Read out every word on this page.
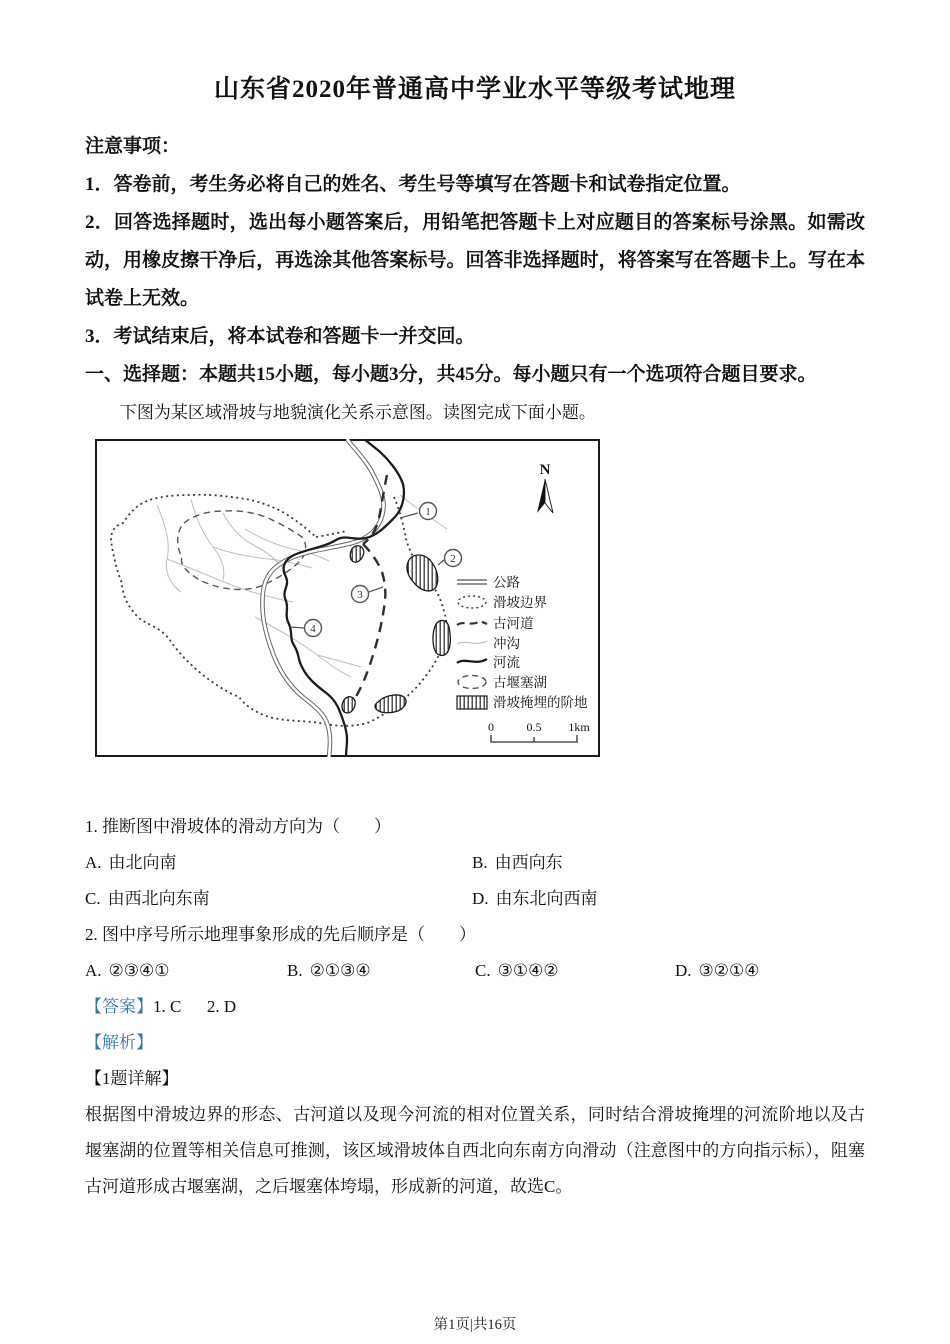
山东省2020年普通高中学业水平等级考试地理

注意事项：

1．答卷前，考生务必将自己的姓名、考生号等填写在答题卡和试卷指定位置。

2．回答选择题时，选出每小题答案后，用铅笔把答题卡上对应题目的答案标号涂黑。如需改动，用橡皮擦干净后，再选涂其他答案标号。回答非选择题时，将答案写在答题卡上。写在本试卷上无效。

3．考试结束后，将本试卷和答题卡一并交回。

一、选择题：本题共15小题，每小题3分，共45分。每小题只有一个选项符合题目要求。

下图为某区域滑坡与地貌演化关系示意图。读图完成下面小题。

1
2
3
4
N
公路
滑坡边界
古河道
冲沟
河流
古堰塞湖
滑坡掩埋的阶地
0	0.5 1km

1. 推断图中滑坡体的滑动方向为（　　）

A. 由北向南	B. 由西向东
C. 由西北向东南	D. 由东北向西南

2. 图中序号所示地理事象形成的先后顺序是（　　）

A. ②③④①	B. ②①③④	C. ③①④②	D. ③②①④

【答案】1. C      2. D

【解析】

【1题详解】

根据图中滑坡边界的形态、古河道以及现今河流的相对位置关系，同时结合滑坡掩埋的河流阶地以及古堰塞湖的位置等相关信息可推测，该区域滑坡体自西北向东南方向滑动（注意图中的方向指示标），阻塞古河道形成古堰塞湖，之后堰塞体垮塌，形成新的河道，故选C。

第1页|共16页
